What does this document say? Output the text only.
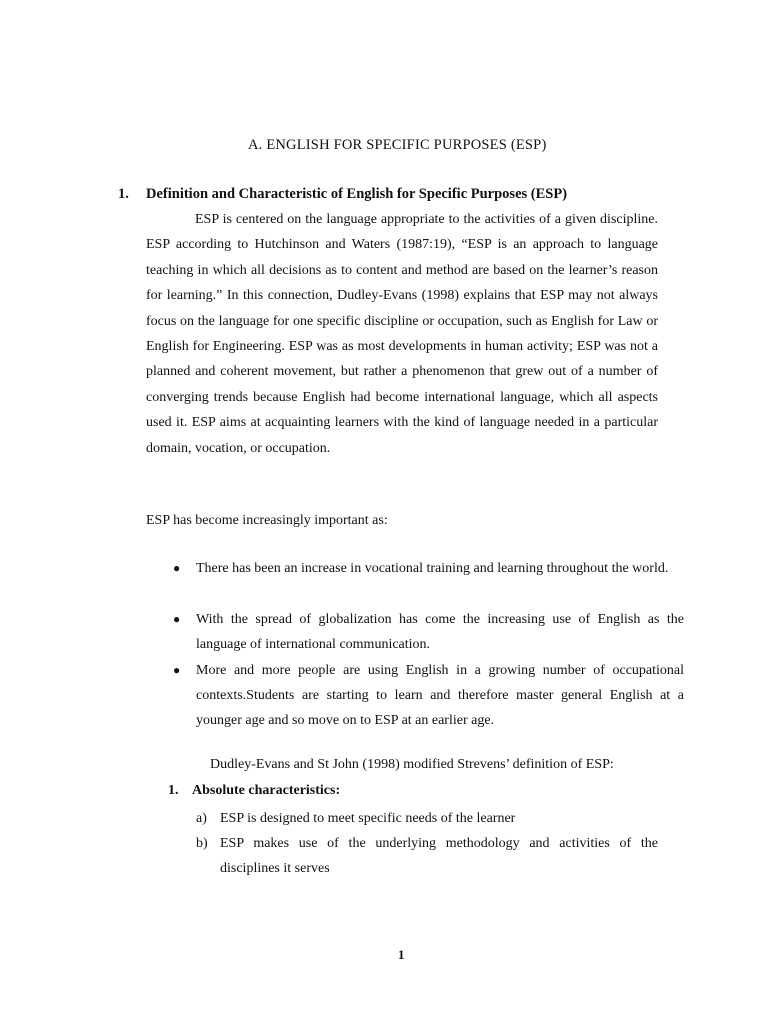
A. ENGLISH FOR SPECIFIC PURPOSES (ESP)
1. Definition and Characteristic of English for Specific Purposes (ESP)
ESP is centered on the language appropriate to the activities of a given discipline. ESP according to Hutchinson and Waters (1987:19), “ESP is an approach to language teaching in which all decisions as to content and method are based on the learner’s reason for learning.” In this connection, Dudley-Evans (1998) explains that ESP may not always focus on the language for one specific discipline or occupation, such as English for Law or English for Engineering. ESP was as most developments in human activity; ESP was not a planned and coherent movement, but rather a phenomenon that grew out of a number of converging trends because English had become international language, which all aspects used it. ESP aims at acquainting learners with the kind of language needed in a particular domain, vocation, or occupation.
ESP has become increasingly important as:
● There has been an increase in vocational training and learning throughout the world.
● With the spread of globalization has come the increasing use of English as the language of international communication.
● More and more people are using English in a growing number of occupational contexts.Students are starting to learn and therefore master general English at a younger age and so move on to ESP at an earlier age.
Dudley-Evans and St John (1998) modified Strevens’ definition of ESP:
1. Absolute characteristics:
a) ESP is designed to meet specific needs of the learner
b) ESP makes use of the underlying methodology and activities of the disciplines it serves
1
